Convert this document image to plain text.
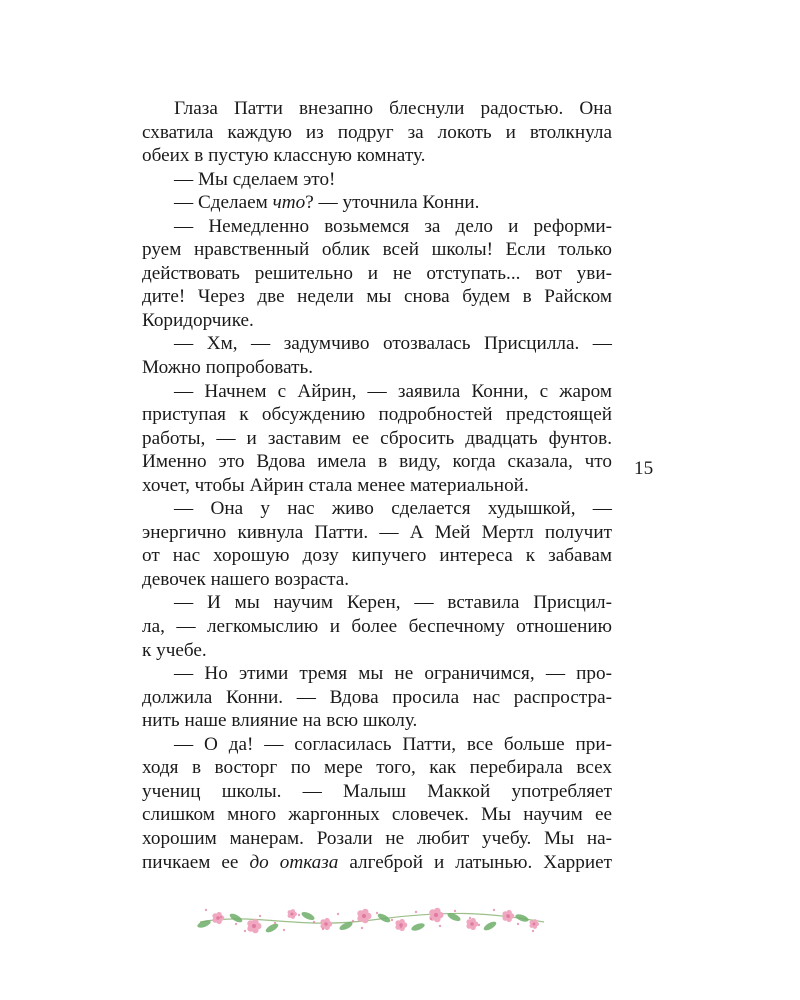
Глаза Патти внезапно блеснули радостью. Она
схватила каждую из подруг за локоть и втолкнула
обеих в пустую классную комнату.
— Мы сделаем это!
— Сделаем что? — уточнила Конни.
— Немедленно возьмемся за дело и реформи-
руем нравственный облик всей школы! Если только
действовать решительно и не отступать... вот уви-
дите! Через две недели мы снова будем в Райском
Коридорчике.
— Хм, — задумчиво отозвалась Присцилла. —
Можно попробовать.
— Начнем с Айрин, — заявила Конни, с жаром
приступая к обсуждению подробностей предстоящей
работы, — и заставим ее сбросить двадцать фунтов.
Именно это Вдова имела в виду, когда сказала, что
хочет, чтобы Айрин стала менее материальной.
— Она у нас живо сделается худышкой, —
энергично кивнула Патти. — А Мей Мертл получит
от нас хорошую дозу кипучего интереса к забавам
девочек нашего возраста.
— И мы научим Керен, — вставила Присцил-
ла, — легкомыслию и более беспечному отношению
к учебе.
— Но этими тремя мы не ограничимся, — про-
должила Конни. — Вдова просила нас распростра-
нить наше влияние на всю школу.
— О да! — согласилась Патти, все больше при-
ходя в восторг по мере того, как перебирала всех
учениц школы. — Малыш Маккой употребляет
слишком много жаргонных словечек. Мы научим ее
хорошим манерам. Розали не любит учебу. Мы на-
пичкаем ее до отказа алгеброй и латынью. Харриет
15
